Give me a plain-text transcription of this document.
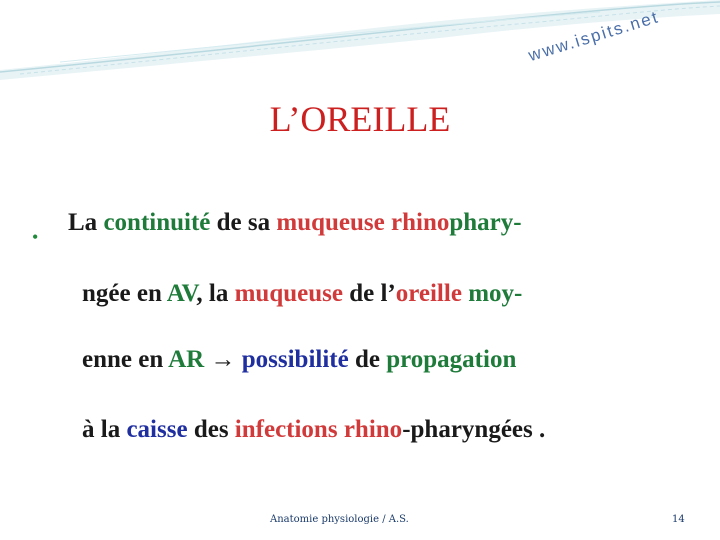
www.ispits.net
L’OREILLE
•
La continuité de sa muqueuse rhinophary-
ngée en AV, la muqueuse de l’oreille moy-
enne en AR → possibilité de propagation
à la caisse des infections rhino-pharyngées .
Anatomie physiologie / A.S.	14
